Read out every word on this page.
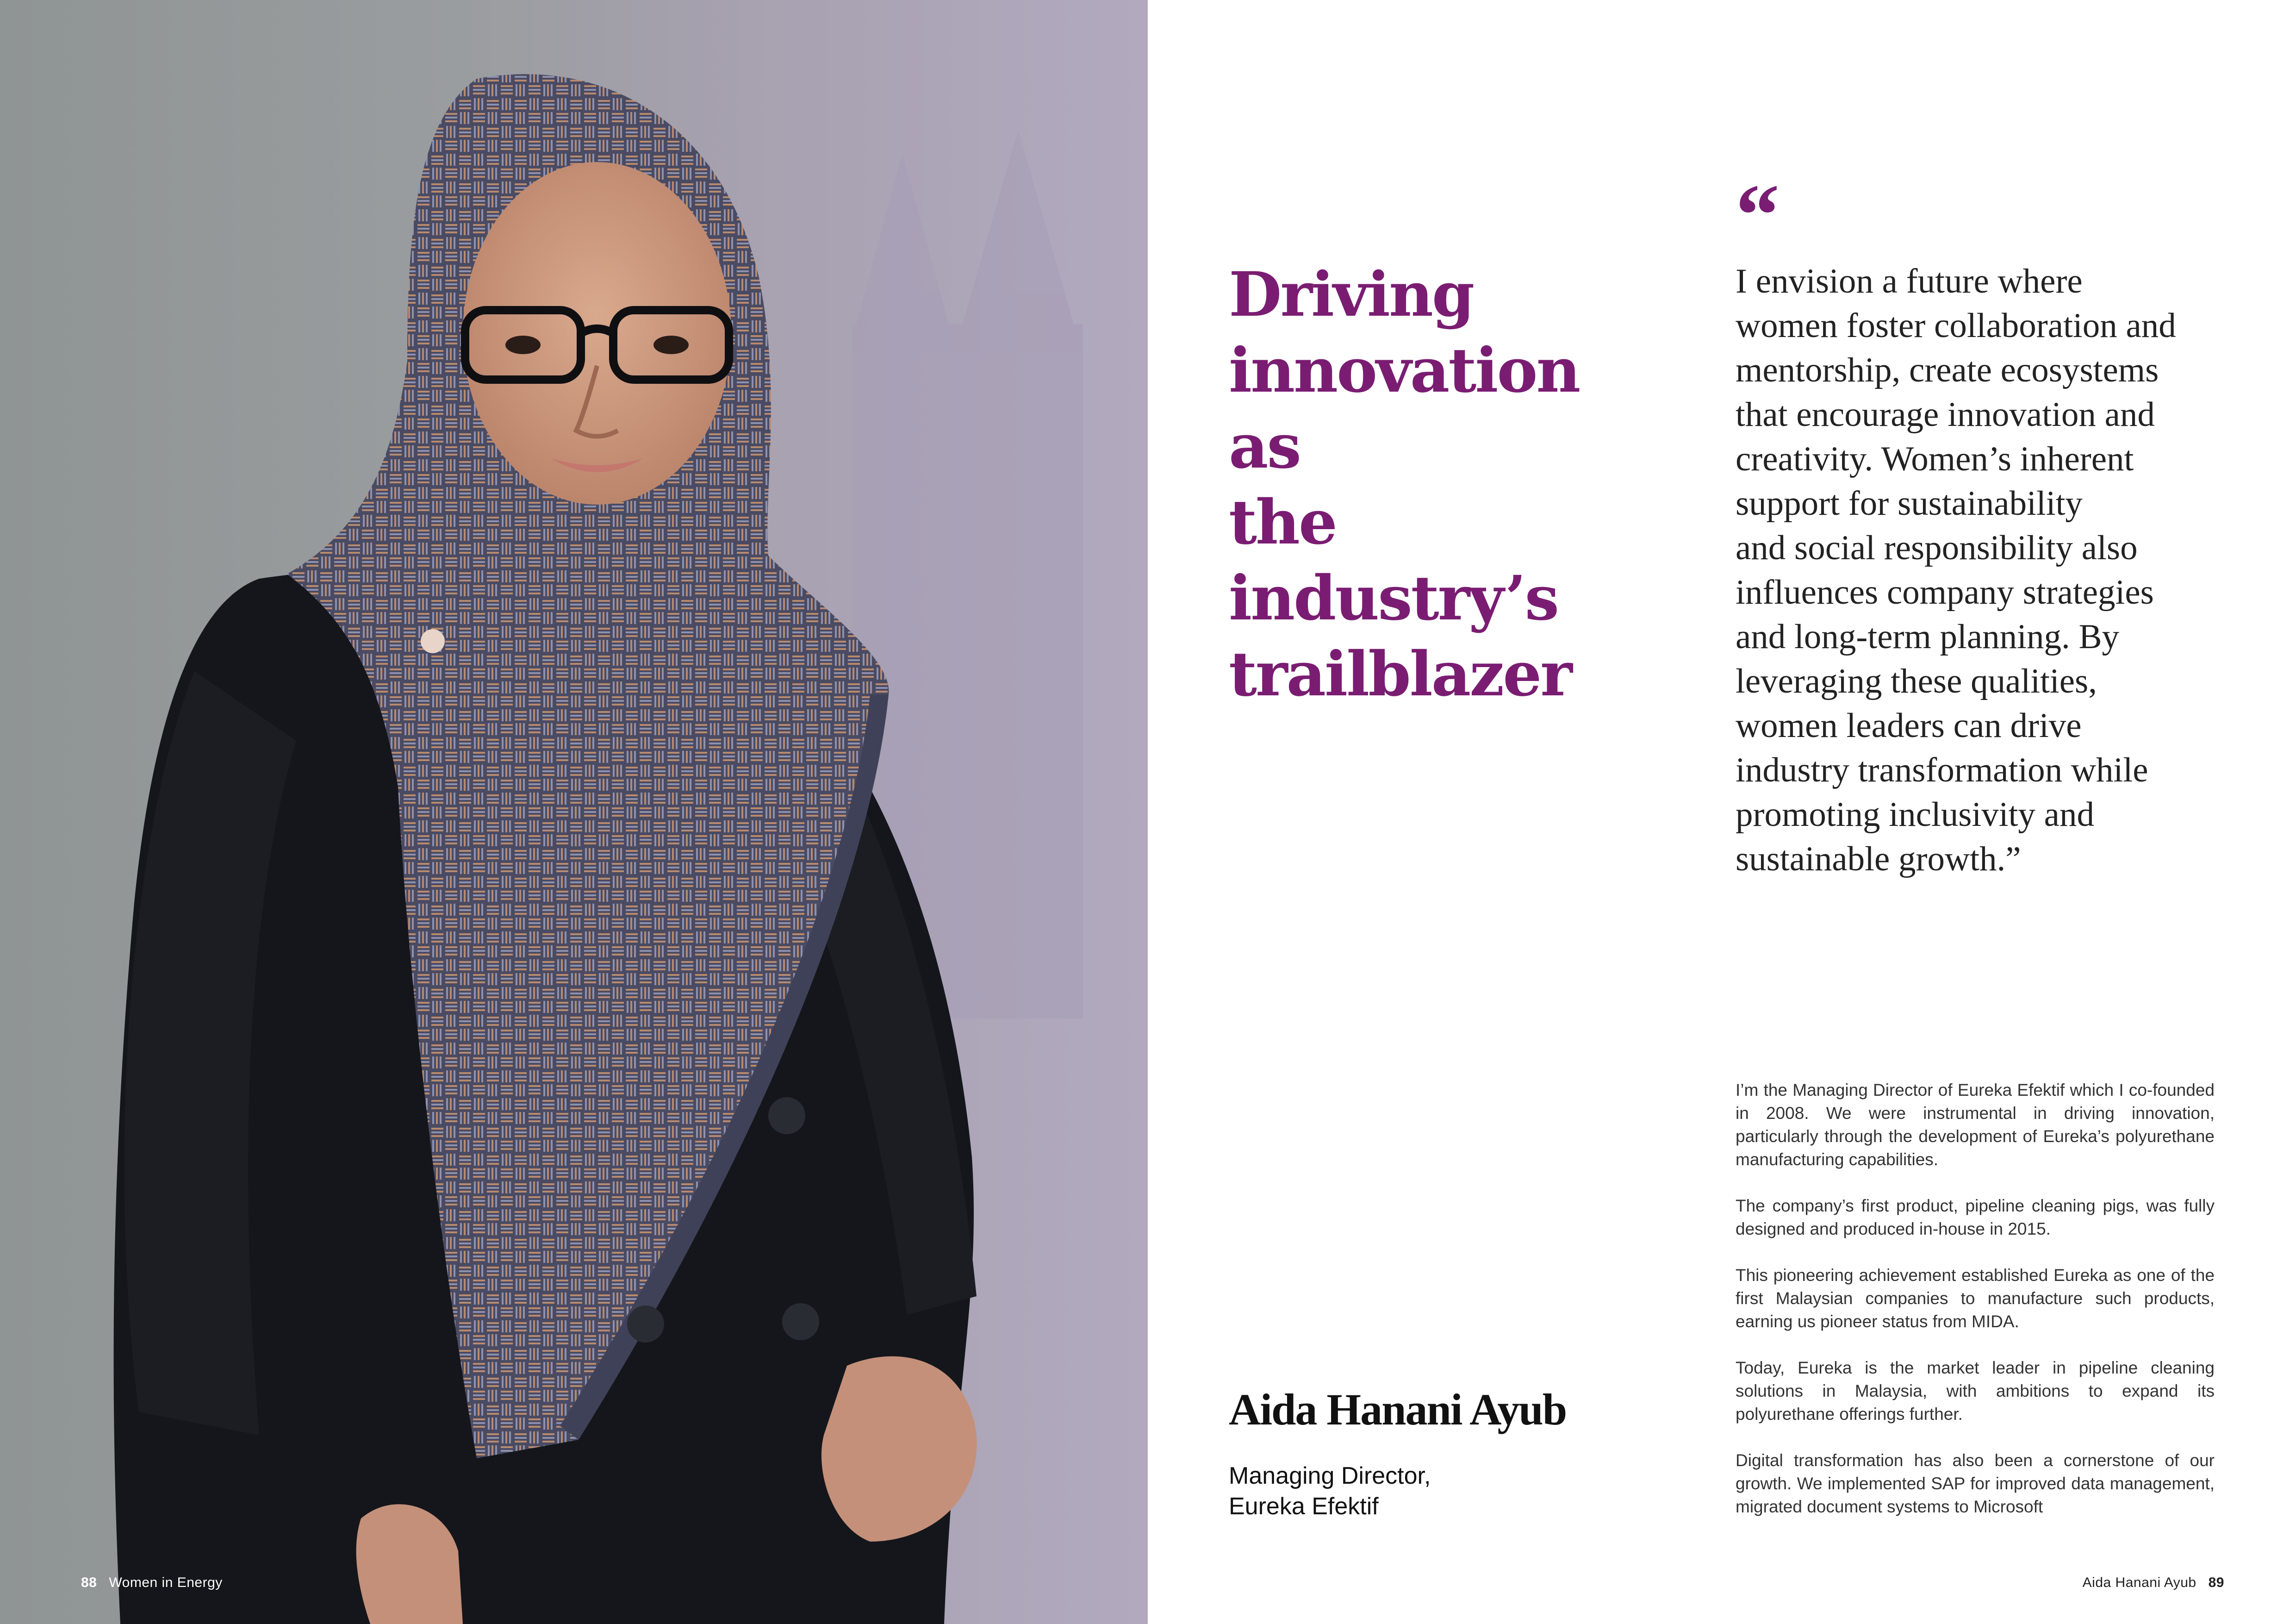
88 Women in Energy
Driving
innovation as
the industry’s
trailblazer
“
I envision a future where
women foster collaboration and
mentorship, create ecosystems
that encourage innovation and
creativity. Women’s inherent
support for sustainability
and social responsibility also
influences company strategies
and long-term planning. By
leveraging these qualities,
women leaders can drive
industry transformation while
promoting inclusivity and
sustainable growth.”
Aida Hanani Ayub
Managing Director,
Eureka Efektif

I’m the Managing Director of Eureka Efektif which I co-founded in 2008. We were instrumental in driving innovation, particularly through the development of Eureka’s polyurethane manufacturing capabilities.

The company’s first product, pipeline cleaning pigs, was fully designed and produced in-house in 2015.

This pioneering achievement established Eureka as one of the first Malaysian companies to manufacture such products, earning us pioneer status from MIDA.

Today, Eureka is the market leader in pipeline cleaning solutions in Malaysia, with ambitions to expand its polyurethane offerings further.

Digital transformation has also been a cornerstone of our growth. We implemented SAP for improved data management, migrated document systems to Microsoft

Aida Hanani Ayub 89
